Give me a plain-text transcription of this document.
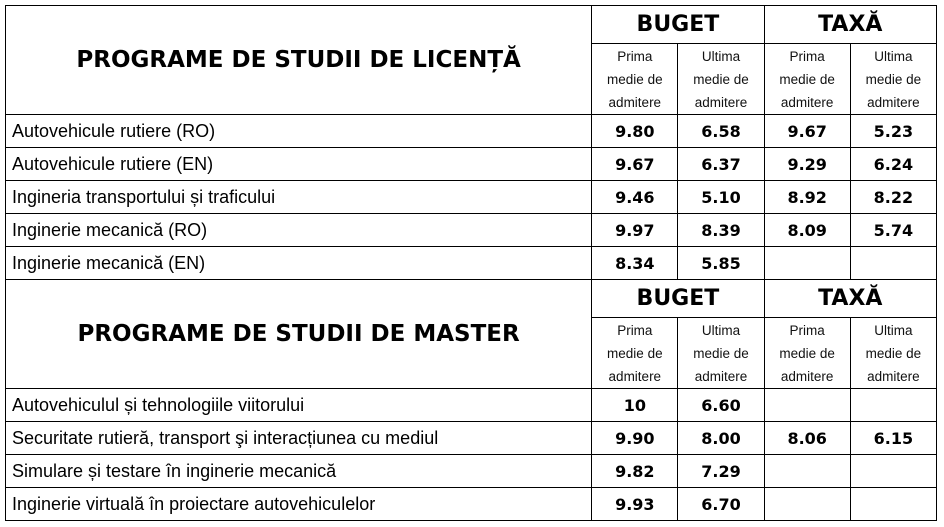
PROGRAME DE STUDII DE LICENȚĂ	BUGET		TAXĂ	

	Prima
medie de
admitere	Ultima
medie de
admitere	Prima
medie de
admitere	Ultima
medie de
admitere

Autovehicule rutiere (RO)	9.80	6.58	9.67	5.23
Autovehicule rutiere (EN)	9.67	6.37	9.29	6.24
Ingineria transportului și traficului	9.46	5.10	8.92	8.22
Inginerie mecanică (RO)	9.97	8.39	8.09	5.74
Inginerie mecanică (EN)	8.34	5.85		
PROGRAME DE STUDII DE MASTER	BUGET		TAXĂ	

	Prima
medie de
admitere	Ultima
medie de
admitere	Prima
medie de
admitere	Ultima
medie de
admitere

Autovehiculul și tehnologiile viitorului	10	6.60		
Securitate rutieră, transport şi interacțiunea cu mediul	9.90	8.00	8.06	6.15
Simulare și testare în inginerie mecanică	9.82	7.29		
Inginerie virtuală în proiectare autovehiculelor	9.93	6.70		
